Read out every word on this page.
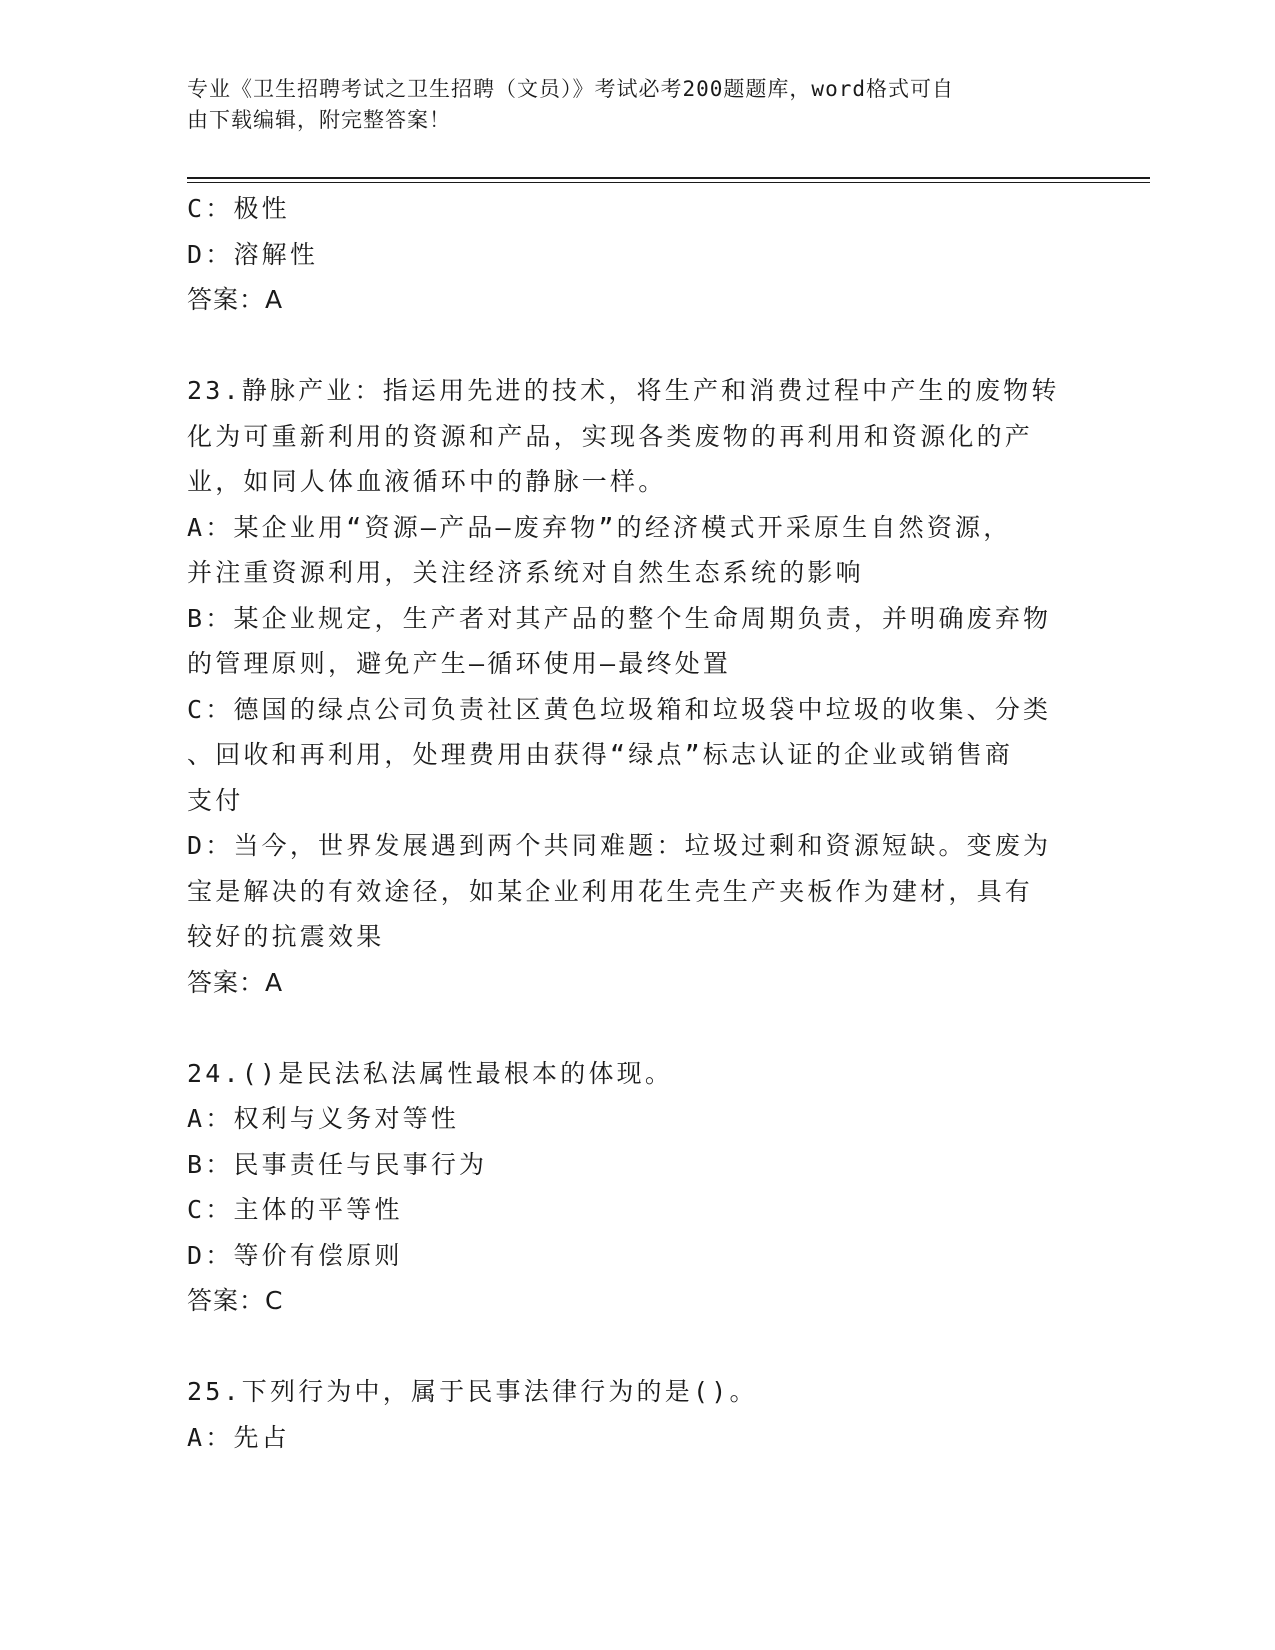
专业《卫生招聘考试之卫生招聘（文员）》考试必考200题题库，word格式可自
由下载编辑，附完整答案！
C：极性
D：溶解性
答案：A
23.静脉产业：指运用先进的技术，将生产和消费过程中产生的废物转
化为可重新利用的资源和产品，实现各类废物的再利用和资源化的产
业，如同人体血液循环中的静脉一样。
A：某企业用“资源—产品—废弃物”的经济模式开采原生自然资源，
并注重资源利用，关注经济系统对自然生态系统的影响
B：某企业规定，生产者对其产品的整个生命周期负责，并明确废弃物
的管理原则，避免产生—循环使用—最终处置
C：德国的绿点公司负责社区黄色垃圾箱和垃圾袋中垃圾的收集、分类
、回收和再利用，处理费用由获得“绿点”标志认证的企业或销售商
支付
D：当今，世界发展遇到两个共同难题：垃圾过剩和资源短缺。变废为
宝是解决的有效途径，如某企业利用花生壳生产夹板作为建材，具有
较好的抗震效果
答案：A
24.()是民法私法属性最根本的体现。
A：权利与义务对等性
B：民事责任与民事行为
C：主体的平等性
D：等价有偿原则
答案：C
25.下列行为中，属于民事法律行为的是()。
A：先占
